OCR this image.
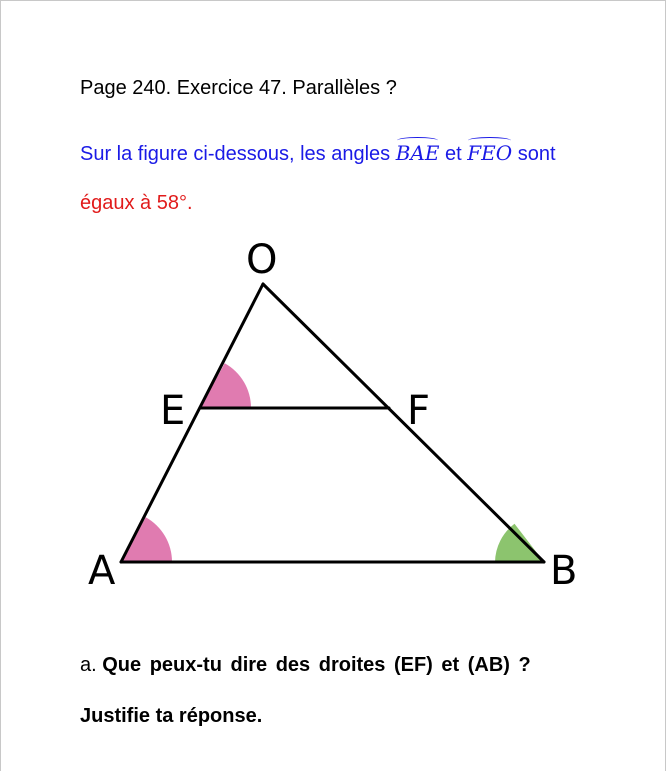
Page 240. Exercice 47. Parallèles ?
Sur la figure ci-dessous, les angles
BAE et
FEO sont
égaux à 58°.
O
E	F
A	B
a. Que peux-tu dire des droites (EF) et (AB) ?
Justifie ta réponse.
